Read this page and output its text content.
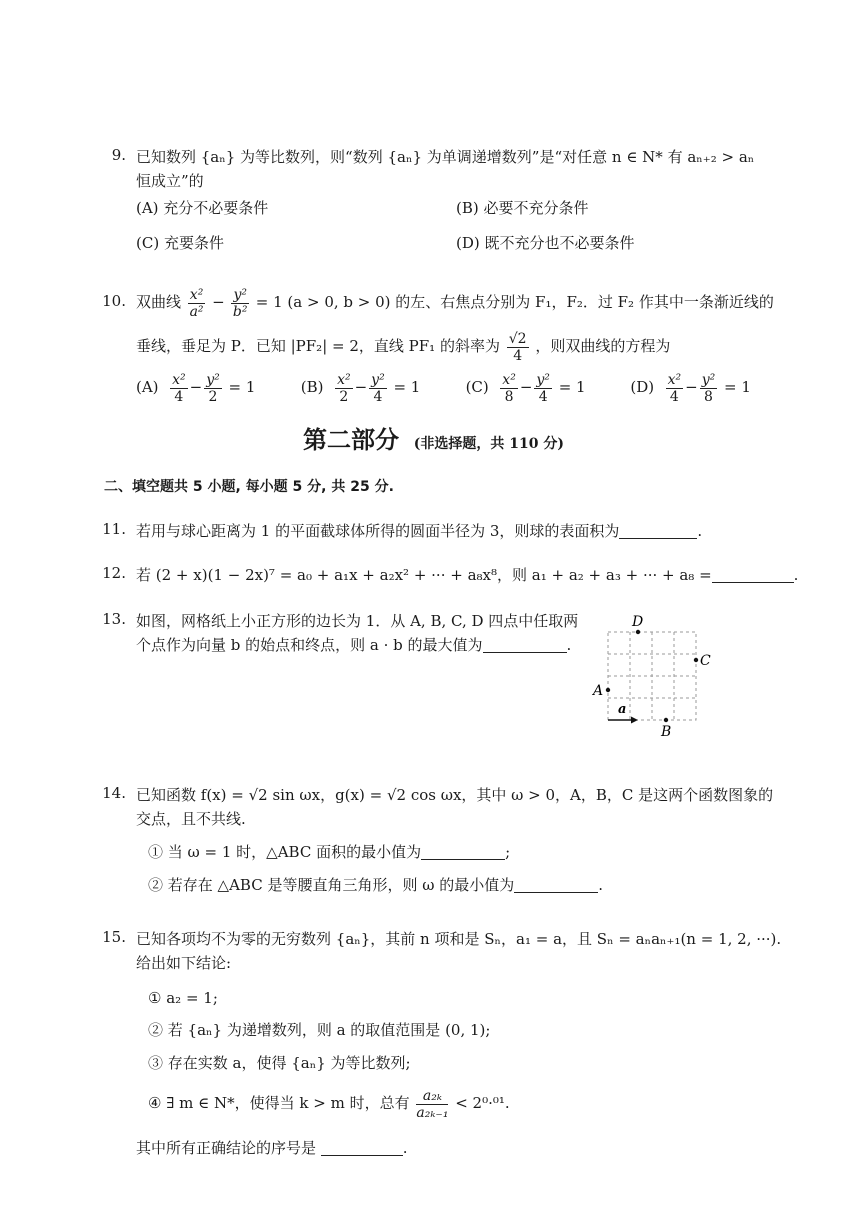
9. 已知数列 {aₙ} 为等比数列，则“数列 {aₙ} 为单调递增数列”是“对任意 n ∈ N* 有 aₙ₊₂ > aₙ
恒成立”的
(A) 充分不必要条件	(B) 必要不充分条件
(C) 充要条件	(D) 既不充分也不必要条件
10. 双曲线 $\frac{\text{x²}}{\text{a²}} - \frac{\text{y²}}{\text{b²}} = 1$ (a > 0, b > 0) 的左、右焦点分别为 F₁，F₂．过 F₂ 作其中一条渐近线的
垂线，垂足为 P．已知 |PF₂| = 2，直线 PF₁ 的斜率为 $\frac{√2}{4}$ ，则双曲线的方程为
$(A) \frac{\text{x²}}{4} - \frac{\text{y²}}{2} = 1$	$(B) \frac{\text{x²}}{2} - \frac{\text{y²}}{4} = 1$	$(C) \frac{\text{x²}}{8} - \frac{\text{y²}}{4} = 1$	$(D) \frac{\text{x²}}{4} - \frac{\text{y²}}{8} = 1$
第二部分 (非选择题，共 110 分)
二、填空题共 5 小题, 每小题 5 分, 共 25 分.
11. 若用与球心距离为 1 的平面截球体所得的圆面半径为 3，则球的表面积为	.
12. 若 (2 + x)(1 − 2x)⁷ = a₀ + a₁x + a₂x² + ··· + a₈x⁸，则 a₁ + a₂ + a₃ + ··· + a₈ =	.
13. 如图，网格纸上小正方形的边长为 1．从 A, B, C, D 四点中任取两
个点作为向量 b 的始点和终点，则 a · b 的最大值为	.
a
A
B
C
D
14. 已知函数 f(x) = √2 sin ωx，g(x) = √2 cos ωx，其中 ω > 0，A，B，C 是这两个函数图象的
交点，且不共线.
① 当 ω = 1 时，△ABC 面积的最小值为	;
② 若存在 △ABC 是等腰直角三角形，则 ω 的最小值为	.
15. 已知各项均不为零的无穷数列 {aₙ}，其前 n 项和是 Sₙ，a₁ = a，且 Sₙ = aₙaₙ₊₁(n = 1, 2, ···).
给出如下结论:
① a₂ = 1;
② 若 {aₙ} 为递增数列，则 a 的取值范围是 (0, 1);
③ 存在实数 a，使得 {aₙ} 为等比数列;
④ ∃ m ∈ N*，使得当 k > m 时，总有 $\frac{\text{a₂ₖ}}{\text{a₂ₖ₋₁}} < 2^0\cdot^{01}$.
其中所有正确结论的序号是	.
